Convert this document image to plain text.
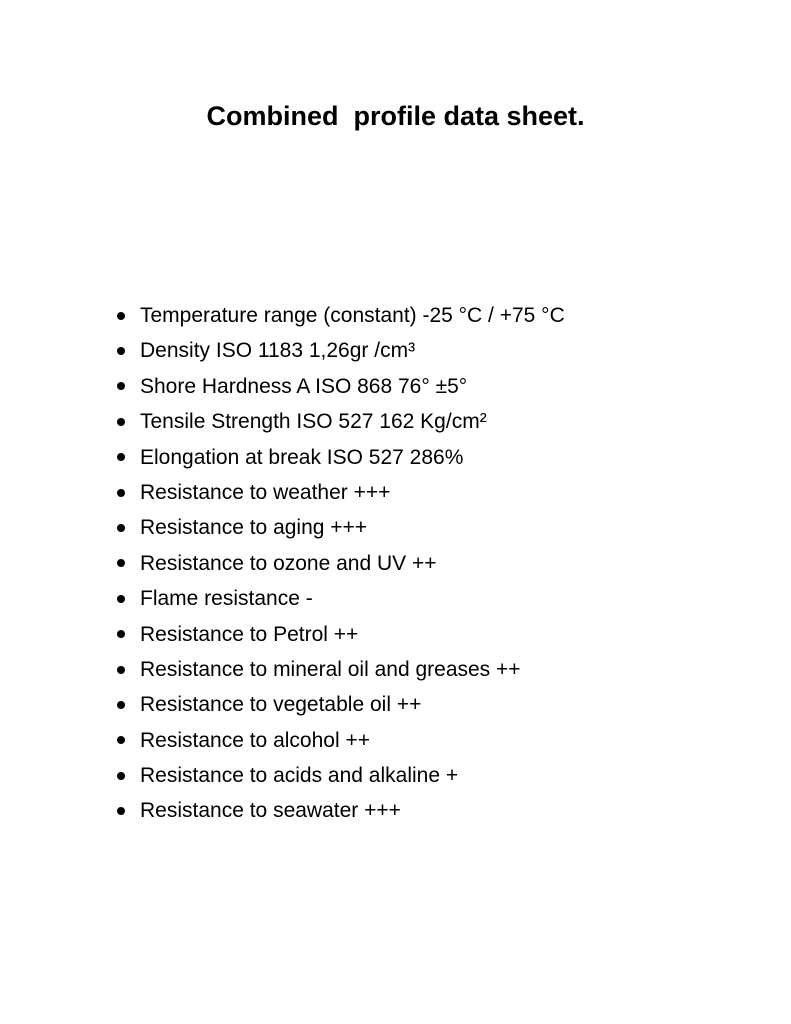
Combined  profile data sheet.
Temperature range (constant) -25 °C / +75 °C
Density ISO 1183 1,26gr /cm³
Shore Hardness A ISO 868 76° ±5°
Tensile Strength ISO 527 162 Kg/cm²
Elongation at break ISO 527 286%
Resistance to weather +++
Resistance to aging +++
Resistance to ozone and UV ++
Flame resistance -
Resistance to Petrol ++
Resistance to mineral oil and greases ++
Resistance to vegetable oil ++
Resistance to alcohol ++
Resistance to acids and alkaline +
Resistance to seawater +++
